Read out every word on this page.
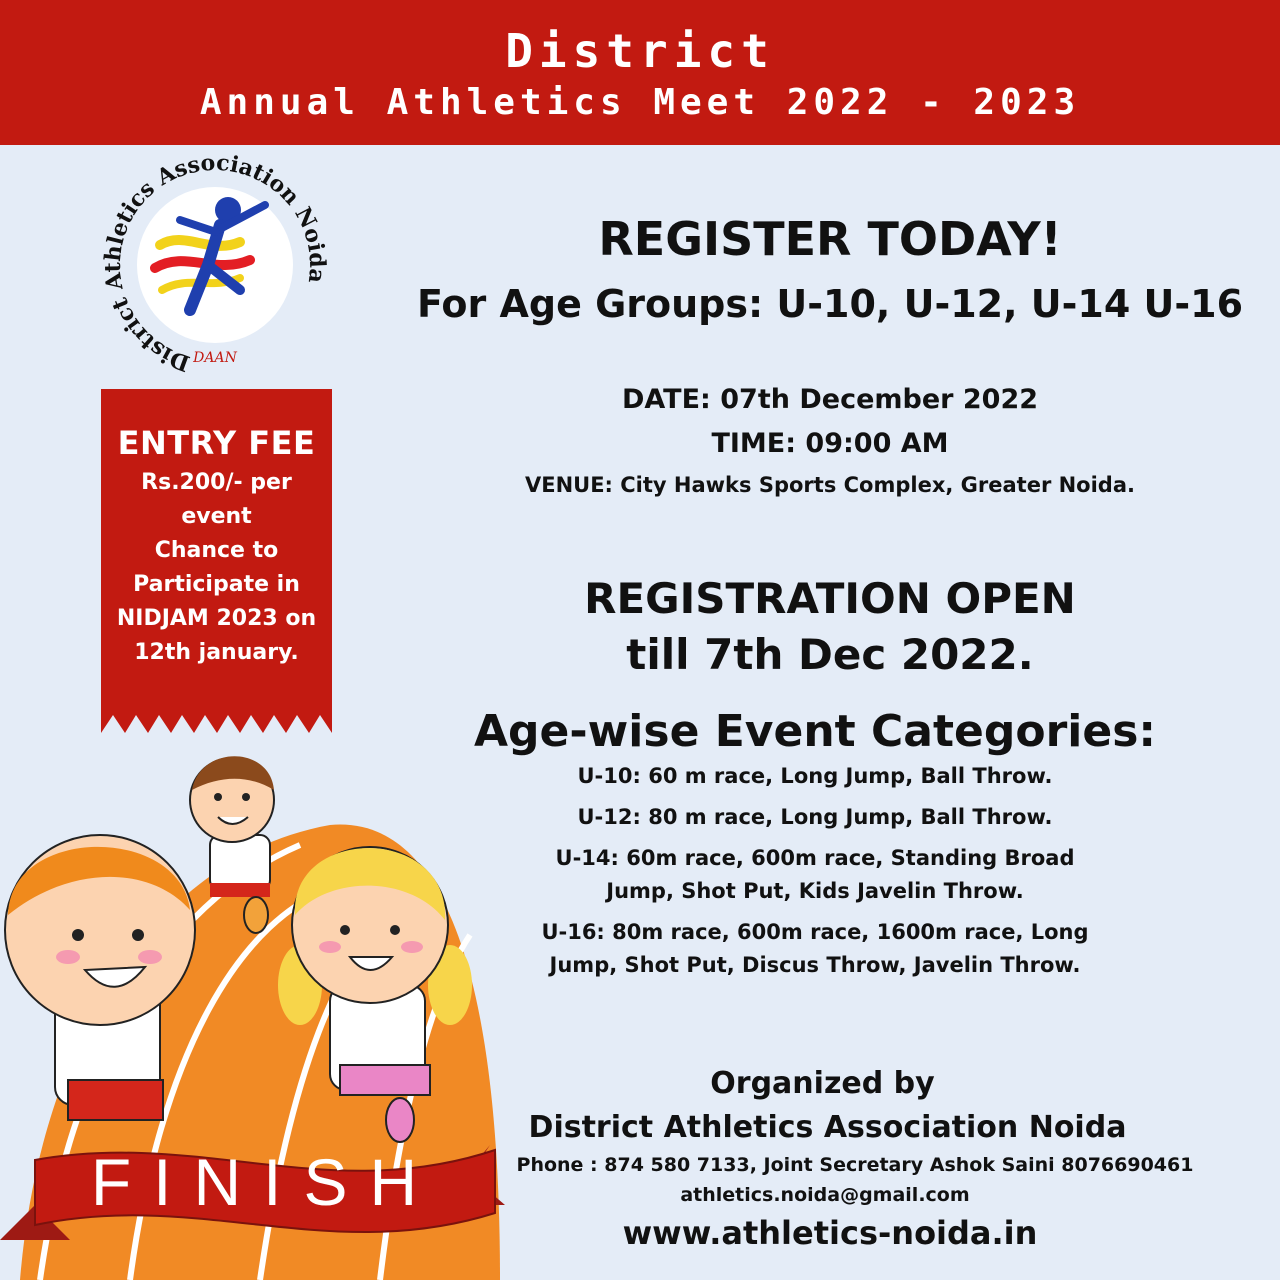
District
Annual Athletics Meet 2022 - 2023
District Athletics Association Noida
DAAN
ENTRY FEE
Rs.200/- per event
Chance to Participate in NIDJAM 2023 on 12th january.
FINISH
REGISTER TODAY!
For Age Groups: U-10, U-12, U-14 U-16
DATE: 07th December 2022
TIME: 09:00 AM
VENUE: City Hawks Sports Complex, Greater Noida.
REGISTRATION OPEN
till 7th Dec 2022.
Age-wise Event Categories:
U-10: 60 m race, Long Jump, Ball Throw.
U-12: 80 m race, Long Jump, Ball Throw.
U-14: 60m race, 600m race, Standing Broad Jump, Shot Put, Kids Javelin Throw.
U-16: 80m race, 600m race, 1600m race, Long Jump, Shot Put, Discus Throw, Javelin Throw.
Organized by
District Athletics Association Noida
Phone : 874 580 7133, Joint Secretary Ashok Saini 8076690461
athletics.noida@gmail.com
www.athletics-noida.in
